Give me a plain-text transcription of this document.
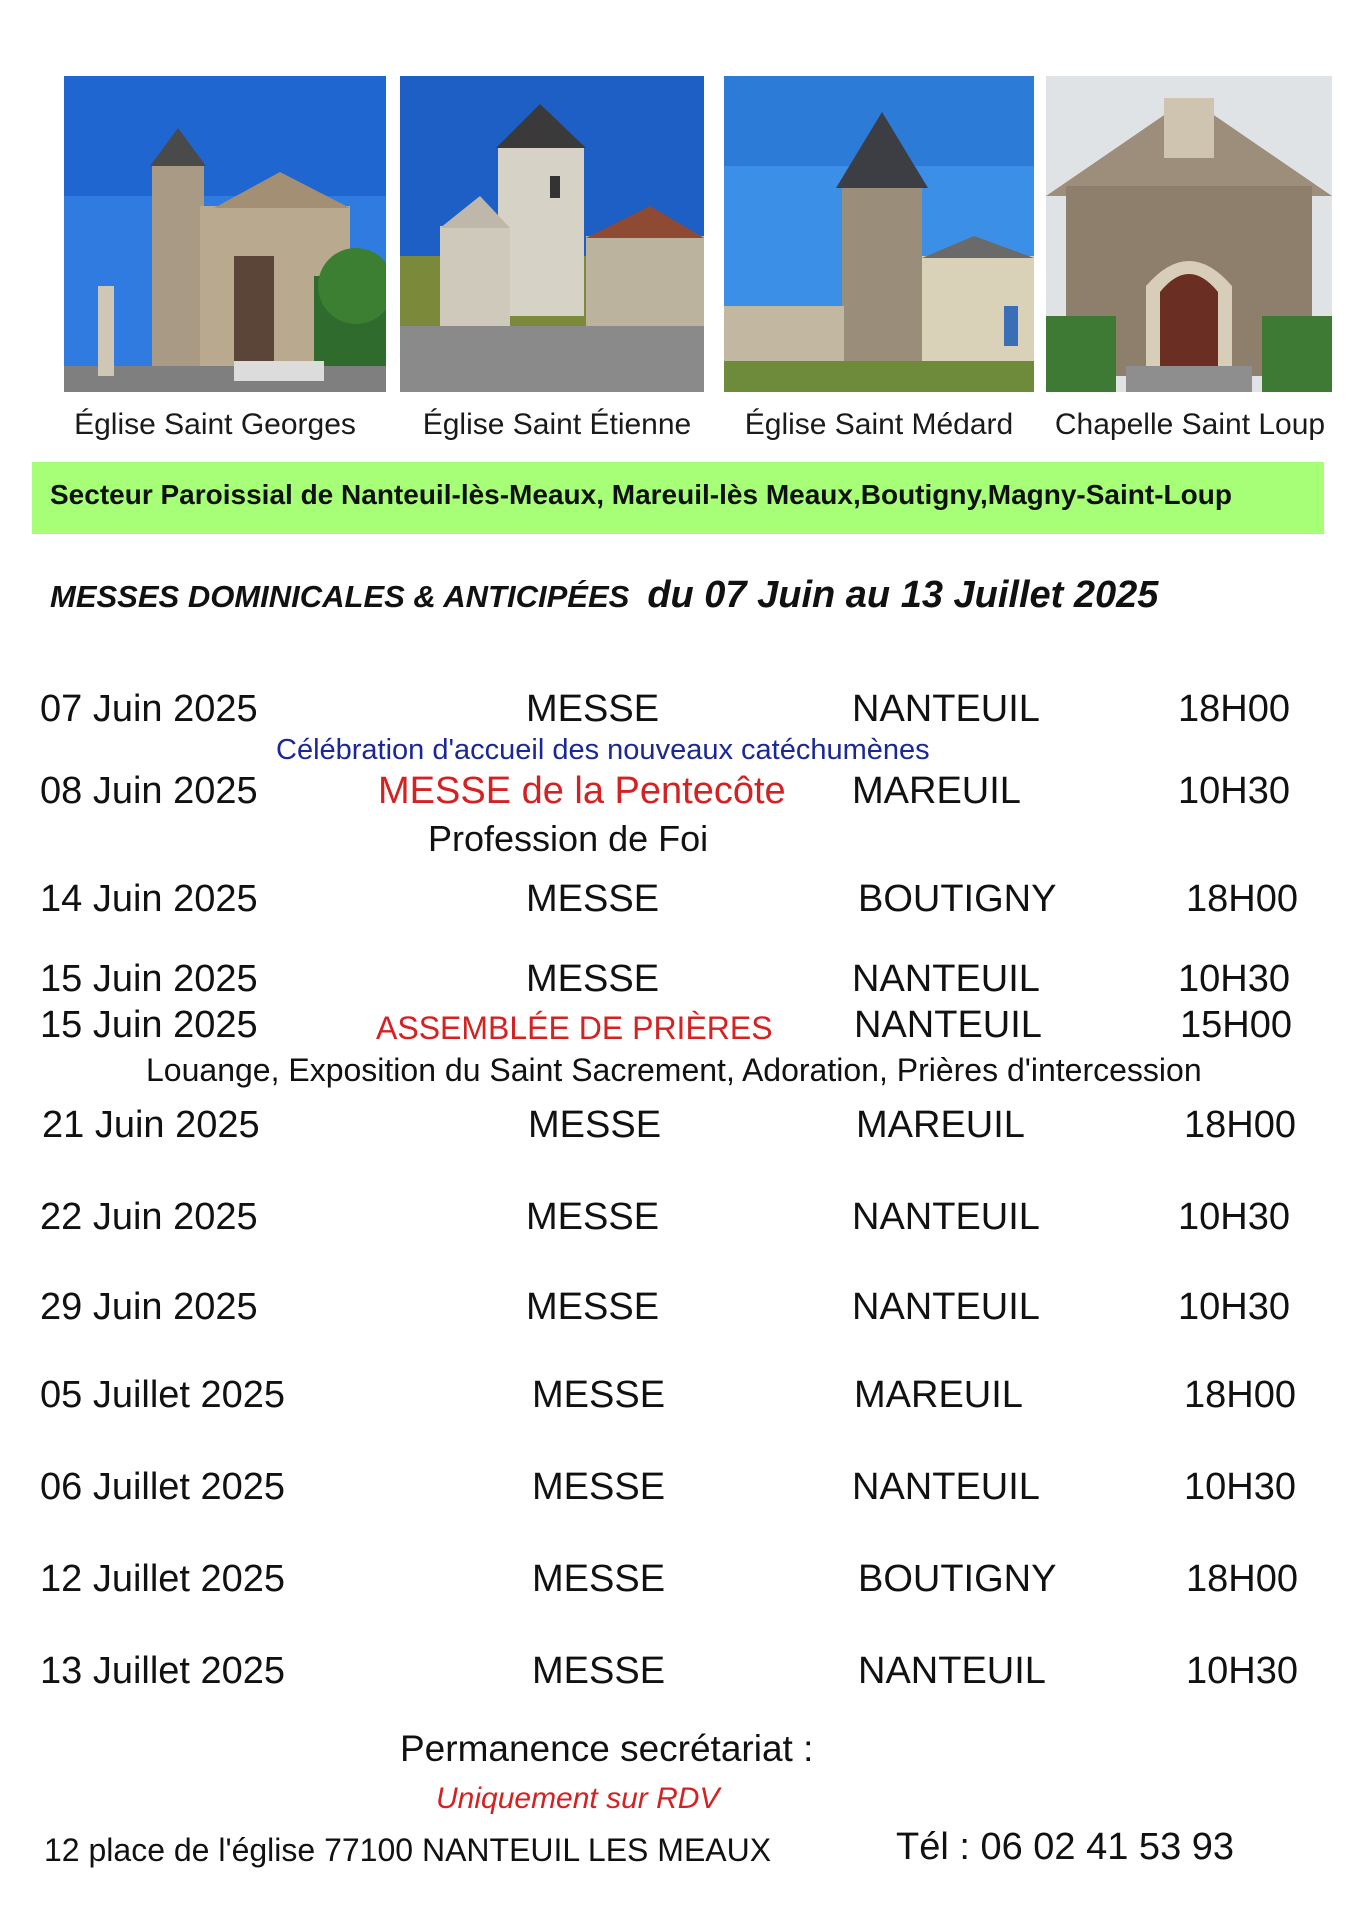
Église Saint Georges	Église Saint Étienne	Église Saint Médard	Chapelle Saint Loup
Secteur Paroissial de Nanteuil-lès-Meaux, Mareuil-lès Meaux,Boutigny,Magny-Saint-Loup
MESSES DOMINICALES & ANTICIPÉES du 07 Juin au 13 Juillet 2025
07 Juin 2025	MESSE	NANTEUIL	18H00
Célébration d'accueil des nouveaux catéchumènes
08 Juin 2025	MESSE de la Pentecôte MAREUIL	10H30
Profession de Foi
14 Juin 2025	MESSE	BOUTIGNY	18H00
15 Juin 2025	MESSE	NANTEUIL	10H30
15 Juin 2025	ASSEMBLÉE DE PRIÈRES NANTEUIL	15H00
Louange, Exposition du Saint Sacrement, Adoration, Prières d'intercession
21 Juin 2025	MESSE	MAREUIL	18H00
22 Juin 2025	MESSE	NANTEUIL	10H30
29 Juin 2025	MESSE	NANTEUIL	10H30
05 Juillet 2025	MESSE	MAREUIL	18H00
06 Juillet 2025	MESSE	NANTEUIL	10H30
12 Juillet 2025	MESSE	BOUTIGNY	18H00
13 Juillet 2025	MESSE	NANTEUIL	10H30
Permanence secrétariat :
Uniquement sur RDV
12 place de l'église 77100 NANTEUIL LES MEAUX	Tél : 06 02 41 53 93
